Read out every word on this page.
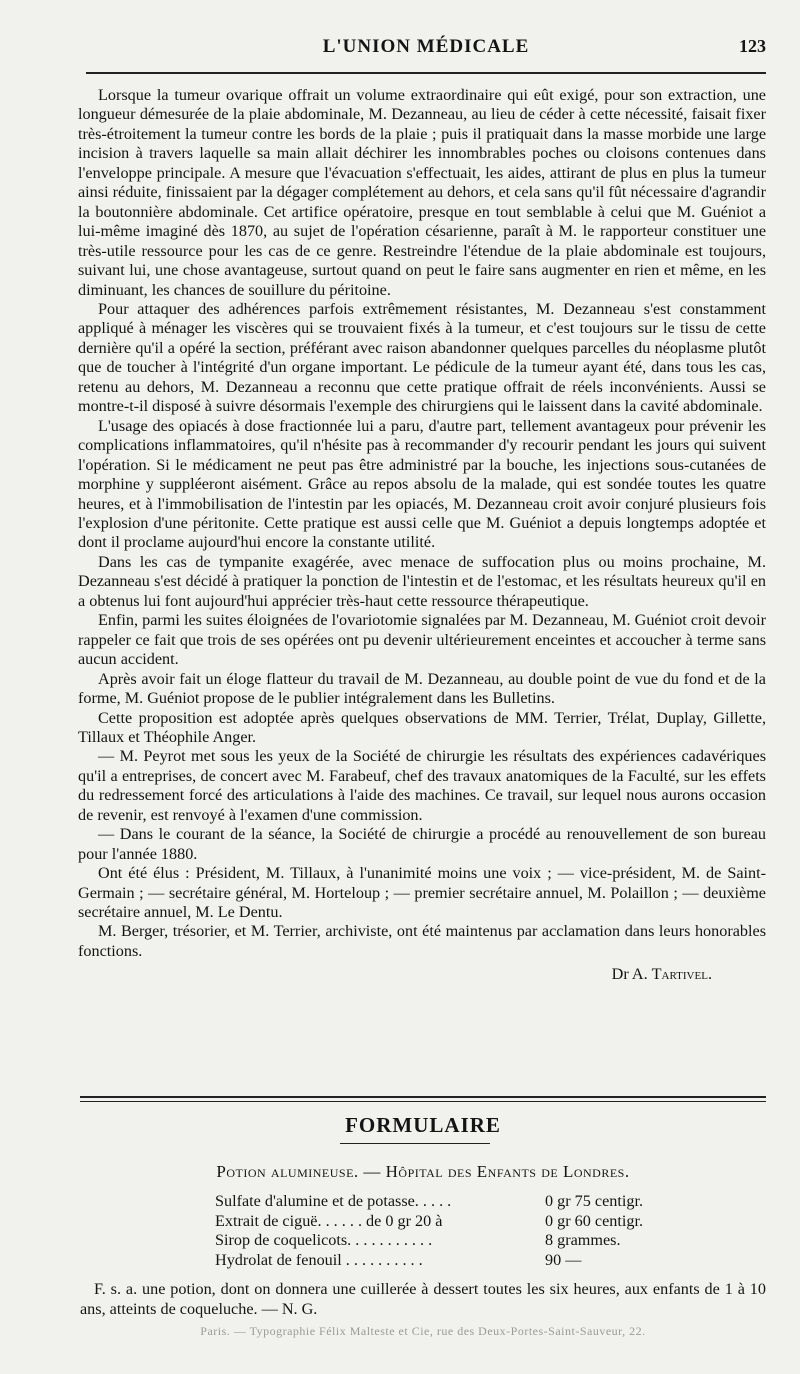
L'UNION MÉDICALE	123

Lorsque la tumeur ovarique offrait un volume extraordinaire qui eût exigé, pour son extraction, une longueur démesurée de la plaie abdominale, M. Dezanneau, au lieu de céder à cette nécessité, faisait fixer très-étroitement la tumeur contre les bords de la plaie ; puis il pratiquait dans la masse morbide une large incision à travers laquelle sa main allait déchirer les innombrables poches ou cloisons contenues dans l'enveloppe principale. A mesure que l'évacuation s'effectuait, les aides, attirant de plus en plus la tumeur ainsi réduite, finissaient par la dégager complétement au dehors, et cela sans qu'il fût nécessaire d'agrandir la boutonnière abdominale. Cet artifice opératoire, presque en tout semblable à celui que M. Guéniot a lui-même imaginé dès 1870, au sujet de l'opération césarienne, paraît à M. le rapporteur constituer une très-utile ressource pour les cas de ce genre. Restreindre l'étendue de la plaie abdominale est toujours, suivant lui, une chose avantageuse, surtout quand on peut le faire sans augmenter en rien et même, en les diminuant, les chances de souillure du péritoine.

Pour attaquer des adhérences parfois extrêmement résistantes, M. Dezanneau s'est constamment appliqué à ménager les viscères qui se trouvaient fixés à la tumeur, et c'est toujours sur le tissu de cette dernière qu'il a opéré la section, préférant avec raison abandonner quelques parcelles du néoplasme plutôt que de toucher à l'intégrité d'un organe important. Le pédicule de la tumeur ayant été, dans tous les cas, retenu au dehors, M. Dezanneau a reconnu que cette pratique offrait de réels inconvénients. Aussi se montre-t-il disposé à suivre désormais l'exemple des chirurgiens qui le laissent dans la cavité abdominale.

L'usage des opiacés à dose fractionnée lui a paru, d'autre part, tellement avantageux pour prévenir les complications inflammatoires, qu'il n'hésite pas à recommander d'y recourir pendant les jours qui suivent l'opération. Si le médicament ne peut pas être administré par la bouche, les injections sous-cutanées de morphine y suppléeront aisément. Grâce au repos absolu de la malade, qui est sondée toutes les quatre heures, et à l'immobilisation de l'intestin par les opiacés, M. Dezanneau croit avoir conjuré plusieurs fois l'explosion d'une péritonite. Cette pratique est aussi celle que M. Guéniot a depuis longtemps adoptée et dont il proclame aujourd'hui encore la constante utilité.

Dans les cas de tympanite exagérée, avec menace de suffocation plus ou moins prochaine, M. Dezanneau s'est décidé à pratiquer la ponction de l'intestin et de l'estomac, et les résultats heureux qu'il en a obtenus lui font aujourd'hui apprécier très-haut cette ressource thérapeutique.

Enfin, parmi les suites éloignées de l'ovariotomie signalées par M. Dezanneau, M. Guéniot croit devoir rappeler ce fait que trois de ses opérées ont pu devenir ultérieurement enceintes et accoucher à terme sans aucun accident.

Après avoir fait un éloge flatteur du travail de M. Dezanneau, au double point de vue du fond et de la forme, M. Guéniot propose de le publier intégralement dans les Bulletins.

Cette proposition est adoptée après quelques observations de MM. Terrier, Trélat, Duplay, Gillette, Tillaux et Théophile Anger.

— M. Peyrot met sous les yeux de la Société de chirurgie les résultats des expériences cadavériques qu'il a entreprises, de concert avec M. Farabeuf, chef des travaux anatomiques de la Faculté, sur les effets du redressement forcé des articulations à l'aide des machines. Ce travail, sur lequel nous aurons occasion de revenir, est renvoyé à l'examen d'une commission.

— Dans le courant de la séance, la Société de chirurgie a procédé au renouvellement de son bureau pour l'année 1880.

Ont été élus : Président, M. Tillaux, à l'unanimité moins une voix ; — vice-président, M. de Saint-Germain ; — secrétaire général, M. Horteloup ; — premier secrétaire annuel, M. Polaillon ; — deuxième secrétaire annuel, M. Le Dentu.

M. Berger, trésorier, et M. Terrier, archiviste, ont été maintenus par acclamation dans leurs honorables fonctions.

Dr A. Tartivel.
FORMULAIRE
Potion alumineuse. — Hôpital des Enfants de Londres.
Sulfate d'alumine et de potasse. . . . .	0 gr 75 centigr.
Extrait de ciguë. . . . . . de 0 gr 20 à	0 gr 60 centigr.
Sirop de coquelicots. . . . . . . . . . .	8 grammes.
Hydrolat de fenouil . . . . . . . . . .	90 —

F. s. a. une potion, dont on donnera une cuillerée à dessert toutes les six heures, aux enfants de 1 à 10 ans, atteints de coqueluche. — N. G.

Paris. — Typographie Félix Malteste et Cie, rue des Deux-Portes-Saint-Sauveur, 22.
